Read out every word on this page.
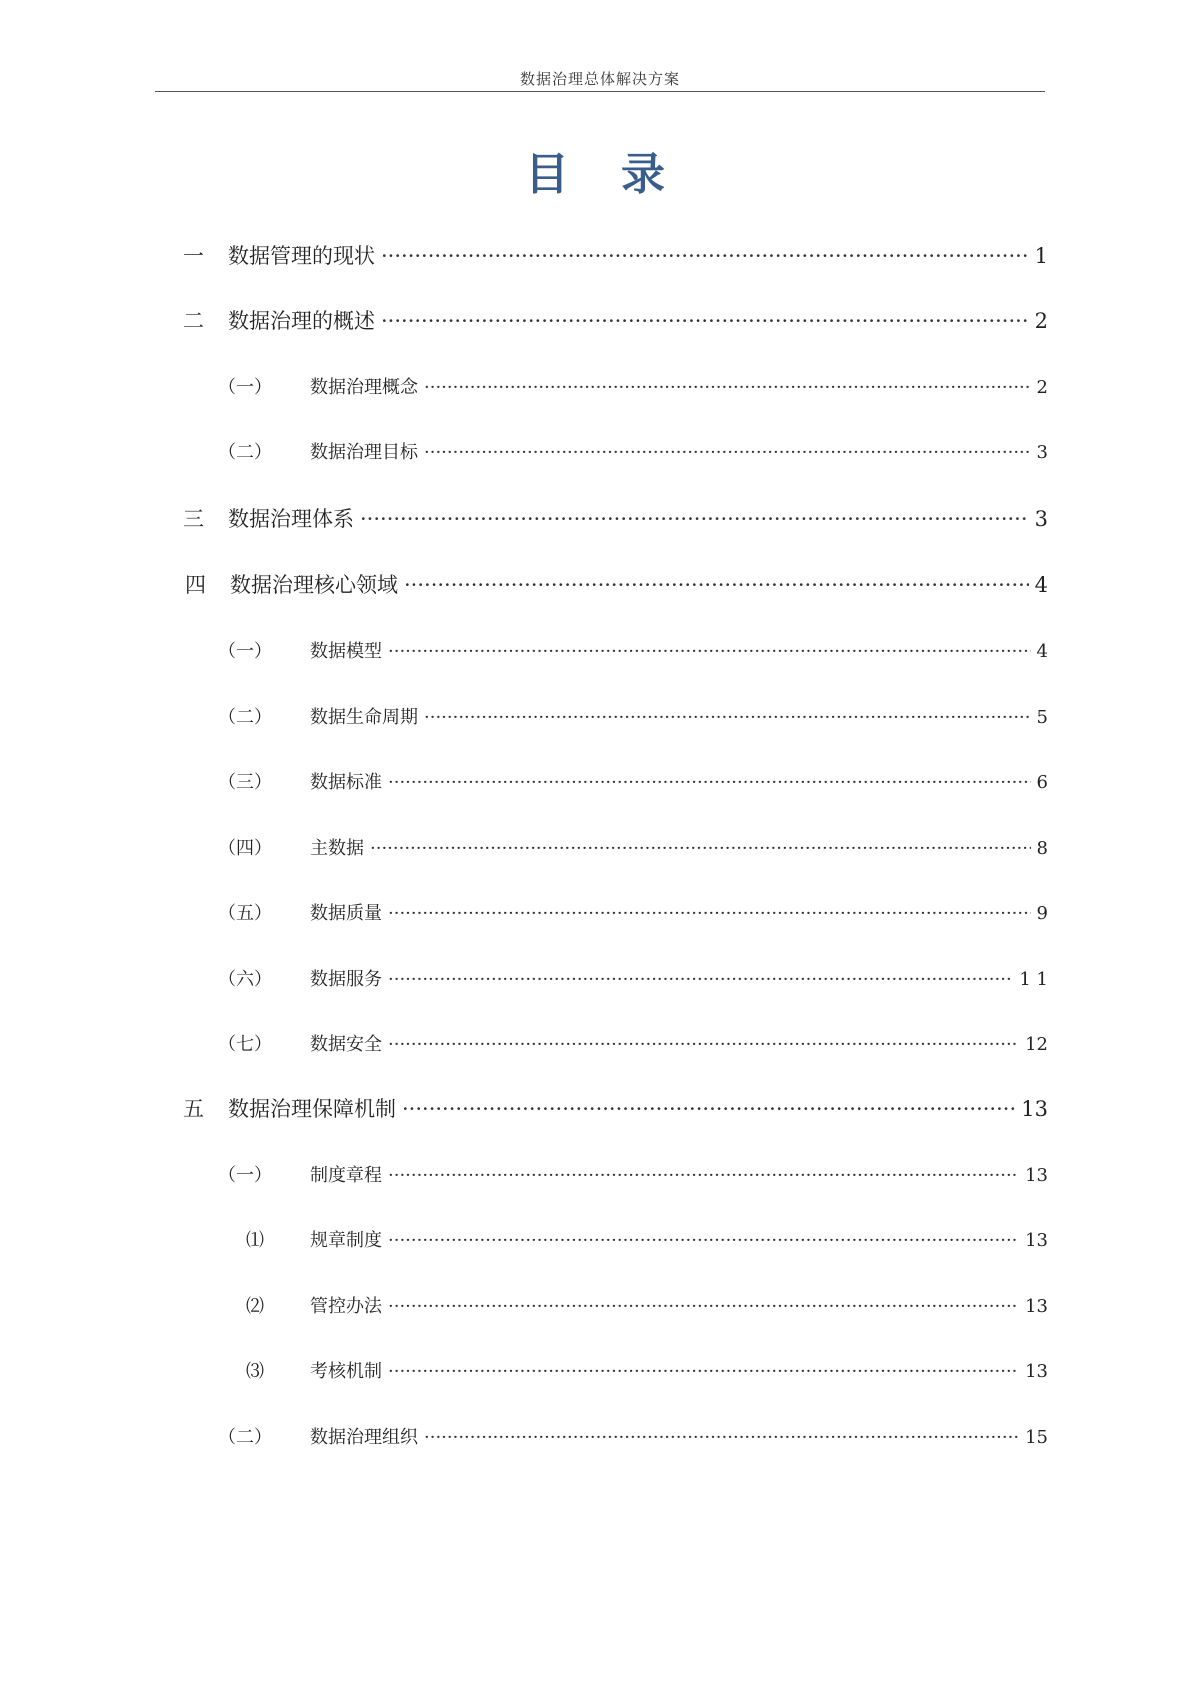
数据治理总体解决方案
目录
一	数据管理的现状 ·····	1
二	数据治理的概述 ·····	2
（一）	数据治理概念 ·····	2
（二）	数据治理目标 ·····	3
三	数据治理体系 ·····	3
四	数据治理核心领域 ·····	4
（一）	数据模型 ·····	4
（二）	数据生命周期 ·····	5
（三）	数据标准 ·····	6
（四）	主数据 ·····	8
（五）	数据质量 ·····	9
（六）	数据服务 ·····	1 1
（七）	数据安全 ·····	12
五	数据治理保障机制 ·····	13
（一）	制度章程 ·····	13
⑴	规章制度 ·····	13
⑵	管控办法 ·····	13
⑶	考核机制 ·····	13
（二）	数据治理组织 ·····	15
